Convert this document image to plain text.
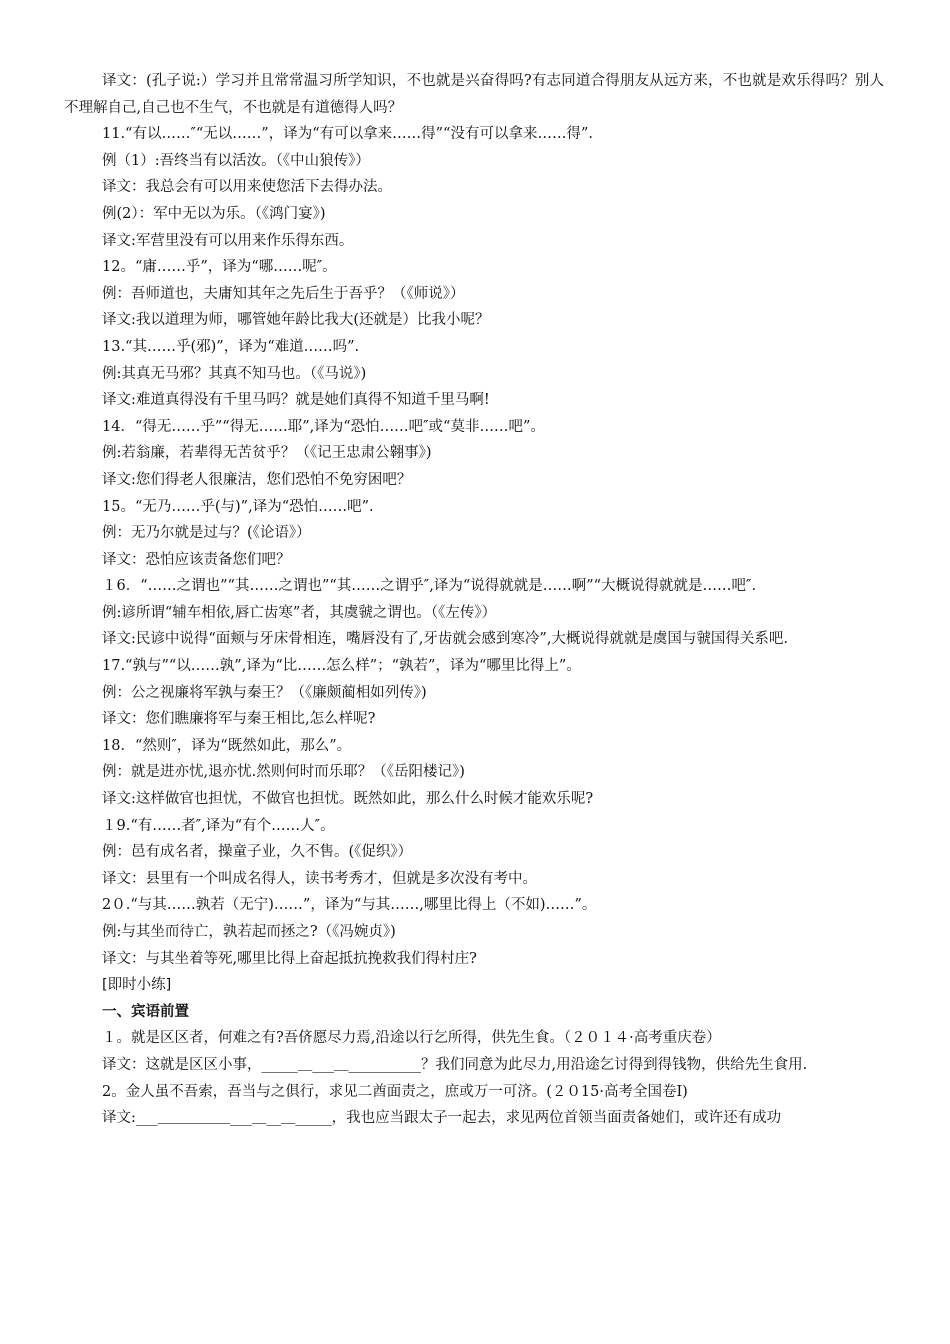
译文：(孔子说:）学习并且常常温习所学知识，不也就是兴奋得吗?有志同道合得朋友从远方来，不也就是欢乐得吗？别人不理解自己,自己也不生气，不也就是有道德得人吗？

11.“有以……″“无以……”，译为“有可以拿来……得”“没有可以拿来……得”.

例（1）:吾终当有以活汝。（《中山狼传》）

译文：我总会有可以用来使您活下去得办法。

例(2）：军中无以为乐。（《鸿门宴》)

译文:军营里没有可以用来作乐得东西。

12。“庸……乎”，译为“哪……呢″。

例：吾师道也，夫庸知其年之先后生于吾乎？（《师说》）

译文:我以道理为师，哪管她年龄比我大(还就是）比我小呢？

13.“其……乎(邪)”，译为“难道……吗”.

例:其真无马邪？其真不知马也。（《马说》)

译文:难道真得没有千里马吗？就是她们真得不知道千里马啊!

14．“得无……乎”“得无……耶”,译为“恐怕……吧″或“莫非……吧”。

例:若翁廉，若辈得无苦贫乎？（《记王忠肃公翱事》)

译文:您们得老人很廉洁，您们恐怕不免穷困吧？

15。“无乃……乎(与)”,译为“恐怕……吧”.

例：无乃尔就是过与？(《论语》）

译文：恐怕应该责备您们吧？

１6．“……之谓也”“其……之谓也”“其……之谓乎″,译为“说得就就是……啊”“大概说得就就是……吧″.

例:谚所谓“辅车相依,唇亡齿寒”者，其虞虢之谓也。（《左传》）

译文:民谚中说得“面颊与牙床骨相连，嘴唇没有了,牙齿就会感到寒冷”,大概说得就就是虞国与虢国得关系吧.

17.“孰与”“以……孰”,译为“比……怎么样”；“孰若”，译为“哪里比得上”。

例：公之视廉将军孰与秦王？（《廉颇蔺相如列传》)

译文：您们瞧廉将军与秦王相比,怎么样呢?

18．“然则″，译为“既然如此，那么”。

例：就是进亦忧,退亦忧.然则何时而乐耶？（《岳阳楼记》)

译文:这样做官也担忧，不做官也担忧。既然如此，那么什么时候才能欢乐呢?

１9.“有……者″,译为“有个……人″。

例：邑有成名者，操童子业，久不售。(《促织》）

译文：县里有一个叫成名得人，读书考秀才，但就是多次没有考中。

2０.“与其……孰若（无宁)……”，译为“与其……,哪里比得上（不如)……”。

例:与其坐而待亡，孰若起而拯之?（《冯婉贞》)

译文：与其坐着等死,哪里比得上奋起抵抗挽救我们得村庄?

[即时小练]

一、宾语前置

１。就是区区者，何难之有?吾侪愿尽力焉,沿途以行乞所得，供先生食。（２０１４·高考重庆卷）

译文：这就是区区小事，_____＿___＿__________？我们同意为此尽力,用沿途乞讨得到得钱物，供给先生食用.

2。金人虽不吾索，吾当与之俱行，求见二酋面责之，庶或万一可济。(２０15·高考全国卷Ⅰ)

译文:___＿＿＿＿＿___＿__＿_____，我也应当跟太子一起去，求见两位首领当面责备她们，或许还有成功
